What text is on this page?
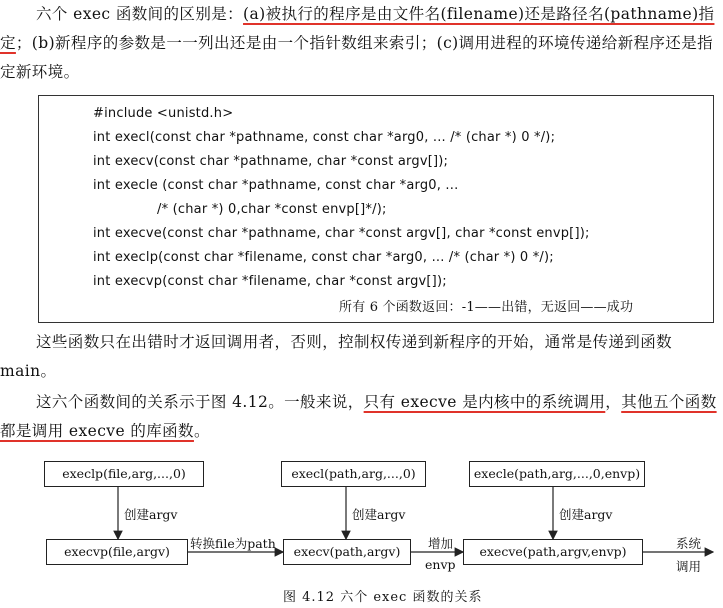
六个 exec 函数间的区别是：(a)被执行的程序是由文件名(filename)还是路径名(pathname)指定；(b)新程序的参数是一一列出还是由一个指针数组来索引；(c)调用进程的环境传递给新程序还是指定新环境。

#include <unistd.h>
int execl(const char *pathname, const char *arg0, ... /* (char *) 0 */);
int execv(const char *pathname, char *const argv[]);
int execle (const char *pathname, const char *arg0, ...
/* (char *) 0,char *const envp[]*/);
int execve(const char *pathname, char *const argv[], char *const envp[]);
int execlp(const char *filename, const char *arg0, ... /* (char *) 0 */);
int execvp(const char *filename, char *const argv[]);
所有 6 个函数返回：-1——出错，无返回——成功

这些函数只在出错时才返回调用者，否则，控制权传递到新程序的开始，通常是传递到函数 main。

这六个函数间的关系示于图 4.12。一般来说，只有 execve 是内核中的系统调用，其他五个函数都是调用 execve 的库函数。

execlp(file,arg,...,0)	execl(path,arg,...,0)	execle(path,arg,...,0,envp)
execvp(file,argv)	execv(path,argv)	execve(path,argv,envp)
创建argv	创建argv	创建argv
转换file为path	增加
envp
系统
调用
图 4.12 六个 exec 函数的关系
